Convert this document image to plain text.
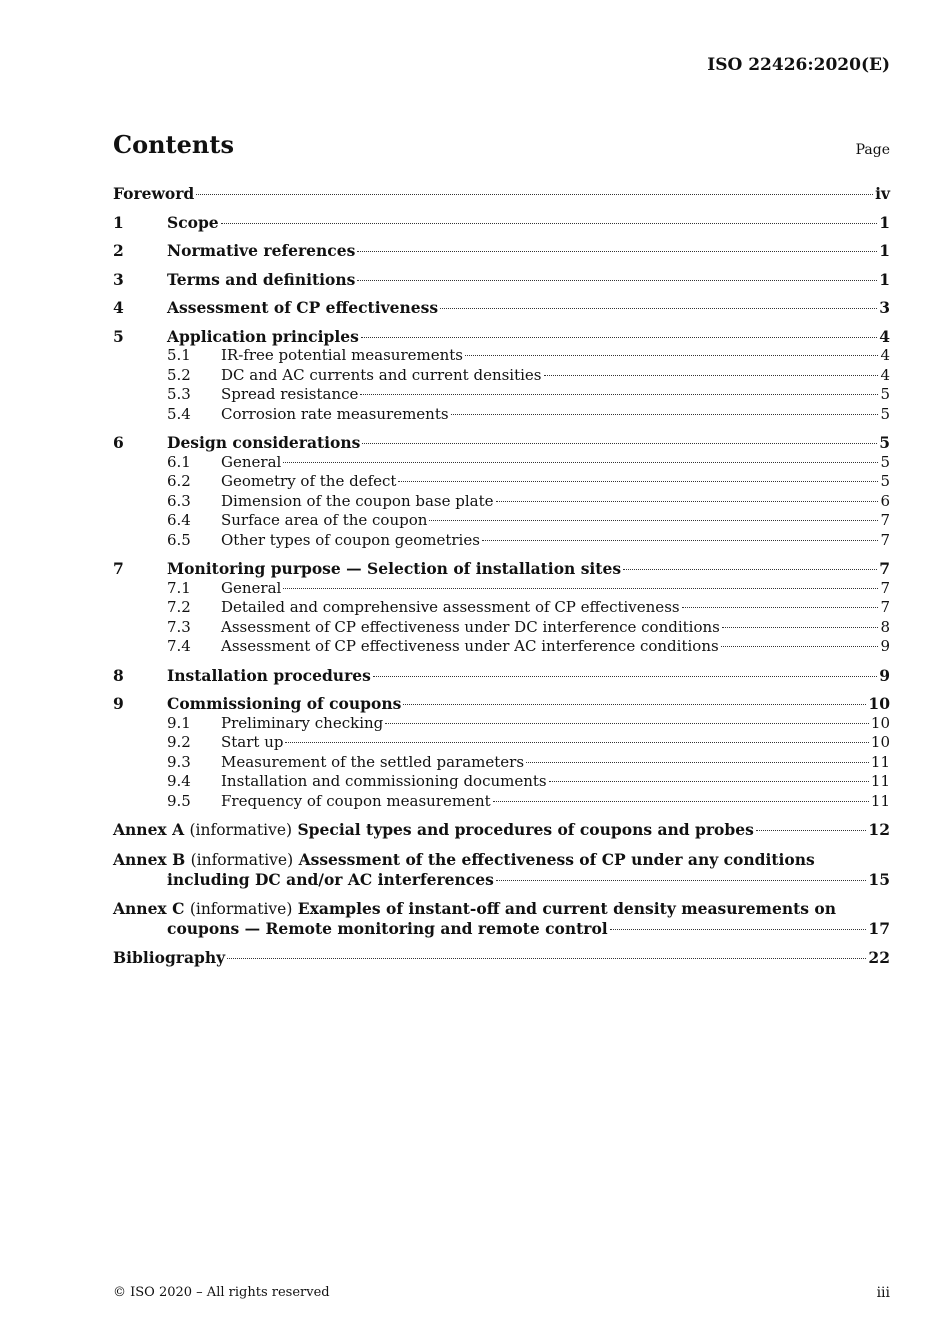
ISO 22426:2020(E)
Contents	Page
Foreword	iv
1	Scope	1
2	Normative references	1
3	Terms and definitions	1
4	Assessment of CP effectiveness	3
5	Application principles	4
5.1	IR-free potential measurements	4
5.2	DC and AC currents and current densities	4
5.3	Spread resistance	5
5.4	Corrosion rate measurements	5
6	Design considerations	5
6.1	General	5
6.2	Geometry of the defect	5
6.3	Dimension of the coupon base plate	6
6.4	Surface area of the coupon	7
6.5	Other types of coupon geometries	7
7	Monitoring purpose — Selection of installation sites	7
7.1	General	7
7.2	Detailed and comprehensive assessment of CP effectiveness	7
7.3	Assessment of CP effectiveness under DC interference conditions	8
7.4	Assessment of CP effectiveness under AC interference conditions	9
8	Installation procedures	9
9	Commissioning of coupons	10
9.1	Preliminary checking	10
9.2	Start up	10
9.3	Measurement of the settled parameters	11
9.4	Installation and commissioning documents	11
9.5	Frequency of coupon measurement	11
Annex A (informative) Special types and procedures of coupons and probes	12
Annex B (informative) Assessment of the effectiveness of CP under any conditions
including DC and/or AC interferences	15
Annex C (informative) Examples of instant-off and current density measurements on
coupons — Remote monitoring and remote control	17
Bibliography	22
© ISO 2020 – All rights reserved	iii
